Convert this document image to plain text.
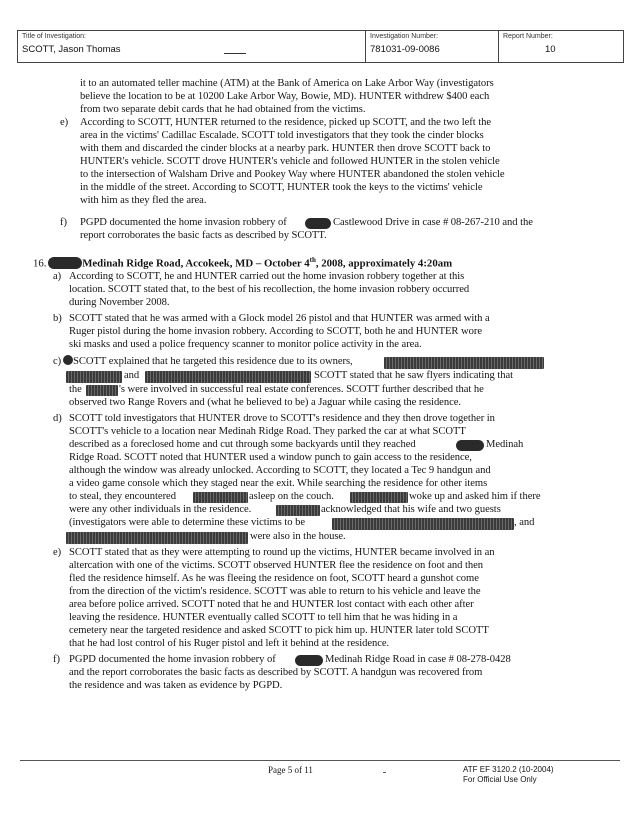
Title of Investigation:
SCOTT, Jason Thomas
Investigation Number:
781031-09-0086
Report Number:
10
it to an automated teller machine (ATM) at the Bank of America on Lake Arbor Way (investigators
believe the location to be at 10200 Lake Arbor Way, Bowie, MD). HUNTER withdrew $400 each
from two separate debit cards that he had obtained from the victims.
e) According to SCOTT, HUNTER returned to the residence, picked up SCOTT, and the two left the
area in the victims' Cadillac Escalade. SCOTT told investigators that they took the cinder blocks
with them and discarded the cinder blocks at a nearby park. HUNTER then drove SCOTT back to
HUNTER's vehicle. SCOTT drove HUNTER's vehicle and followed HUNTER in the stolen vehicle
to the intersection of Walsham Drive and Pookey Way where HUNTER abandoned the stolen vehicle
in the middle of the street. According to SCOTT, HUNTER took the keys to the victims' vehicle
with him as they fled the area.
f) PGPD documented the home invasion robbery of	Castlewood Drive in case # 08-267-210 and the
report corroborates the basic facts as described by SCOTT.
16.	Medinah Ridge Road, Accokeek, MD – October 4th, 2008, approximately 4:20am
a) According to SCOTT, he and HUNTER carried out the home invasion robbery together at this
location. SCOTT stated that, to the best of his recollection, the home invasion robbery occurred
during November 2008.
b) SCOTT stated that he was armed with a Glock model 26 pistol and that HUNTER was armed with a
Ruger pistol during the home invasion robbery. According to SCOTT, both he and HUNTER wore
ski masks and used a police frequency scanner to monitor police activity in the area.
c) SCOTT explained that he targeted this residence due to its owners,
and	SCOTT stated that he saw flyers indicating that
the	's were involved in successful real estate conferences. SCOTT further described that he
observed two Range Rovers and (what he believed to be) a Jaguar while casing the residence.
d) SCOTT told investigators that HUNTER drove to SCOTT's residence and they then drove together in
SCOTT's vehicle to a location near Medinah Ridge Road. They parked the car at what SCOTT
described as a foreclosed home and cut through some backyards until they reached	Medinah
Ridge Road. SCOTT noted that HUNTER used a window punch to gain access to the residence,
although the window was already unlocked. According to SCOTT, they located a Tec 9 handgun and
a video game console which they staged near the exit. While searching the residence for other items
to steal, they encountered	asleep on the couch.	woke up and asked him if there
were any other individuals in the residence.	acknowledged that his wife and two guests
(investigators were able to determine these victims to be	, and
were also in the house.
e) SCOTT stated that as they were attempting to round up the victims, HUNTER became involved in an
altercation with one of the victims. SCOTT observed HUNTER flee the residence on foot and then
fled the residence himself. As he was fleeing the residence on foot, SCOTT heard a gunshot come
from the direction of the victim's residence. SCOTT was able to return to his vehicle and leave the
area before police arrived. SCOTT noted that he and HUNTER lost contact with each other after
leaving the residence. HUNTER eventually called SCOTT to tell him that he was hiding in a
cemetery near the targeted residence and asked SCOTT to pick him up. HUNTER later told SCOTT
that he had lost control of his Ruger pistol and left it behind at the residence.
f) PGPD documented the home invasion robbery of	Medinah Ridge Road in case # 08-278-0428
and the report corroborates the basic facts as described by SCOTT. A handgun was recovered from
the residence and was taken as evidence by PGPD.
Page 5 of 11	ATF EF 3120.2 (10-2004)
For Official Use Only
